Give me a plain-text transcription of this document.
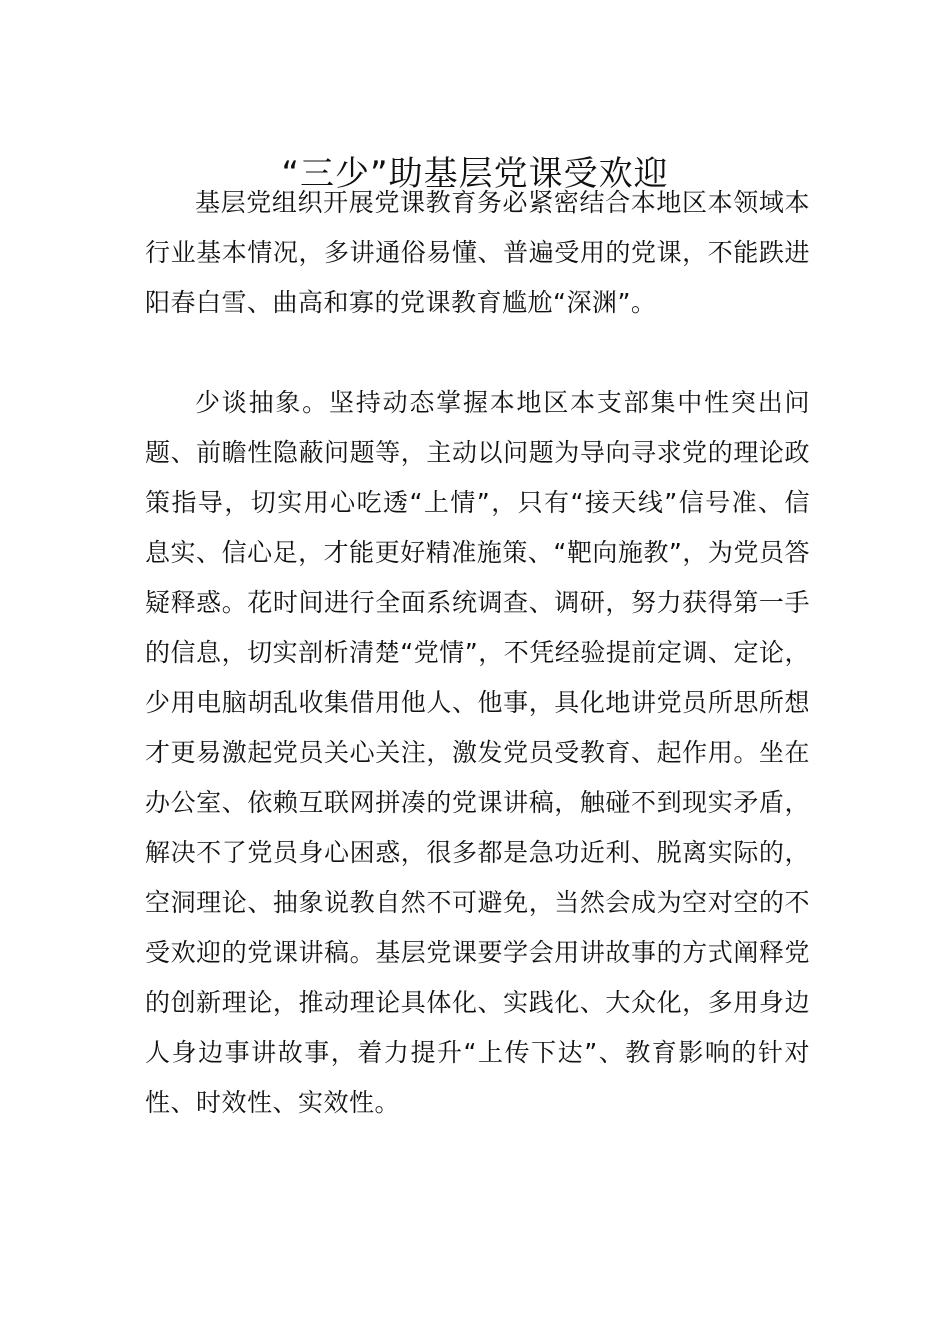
“三少”助基层党课受欢迎

基层党组织开展党课教育务必紧密结合本地区本领域本行业基本情况，多讲通俗易懂、普遍受用的党课，不能跌进阳春白雪、曲高和寡的党课教育尴尬“深渊”。

少谈抽象。坚持动态掌握本地区本支部集中性突出问题、前瞻性隐蔽问题等，主动以问题为导向寻求党的理论政策指导，切实用心吃透“上情”，只有“接天线”信号准、信息实、信心足，才能更好精准施策、“靶向施教”，为党员答疑释惑。花时间进行全面系统调查、调研，努力获得第一手的信息，切实剖析清楚“党情”，不凭经验提前定调、定论，少用电脑胡乱收集借用他人、他事，具化地讲党员所思所想才更易激起党员关心关注，激发党员受教育、起作用。坐在办公室、依赖互联网拼凑的党课讲稿，触碰不到现实矛盾，解决不了党员身心困惑，很多都是急功近利、脱离实际的，空洞理论、抽象说教自然不可避免，当然会成为空对空的不受欢迎的党课讲稿。基层党课要学会用讲故事的方式阐释党的创新理论，推动理论具体化、实践化、大众化，多用身边人身边事讲故事，着力提升“上传下达”、教育影响的针对性、时效性、实效性。
